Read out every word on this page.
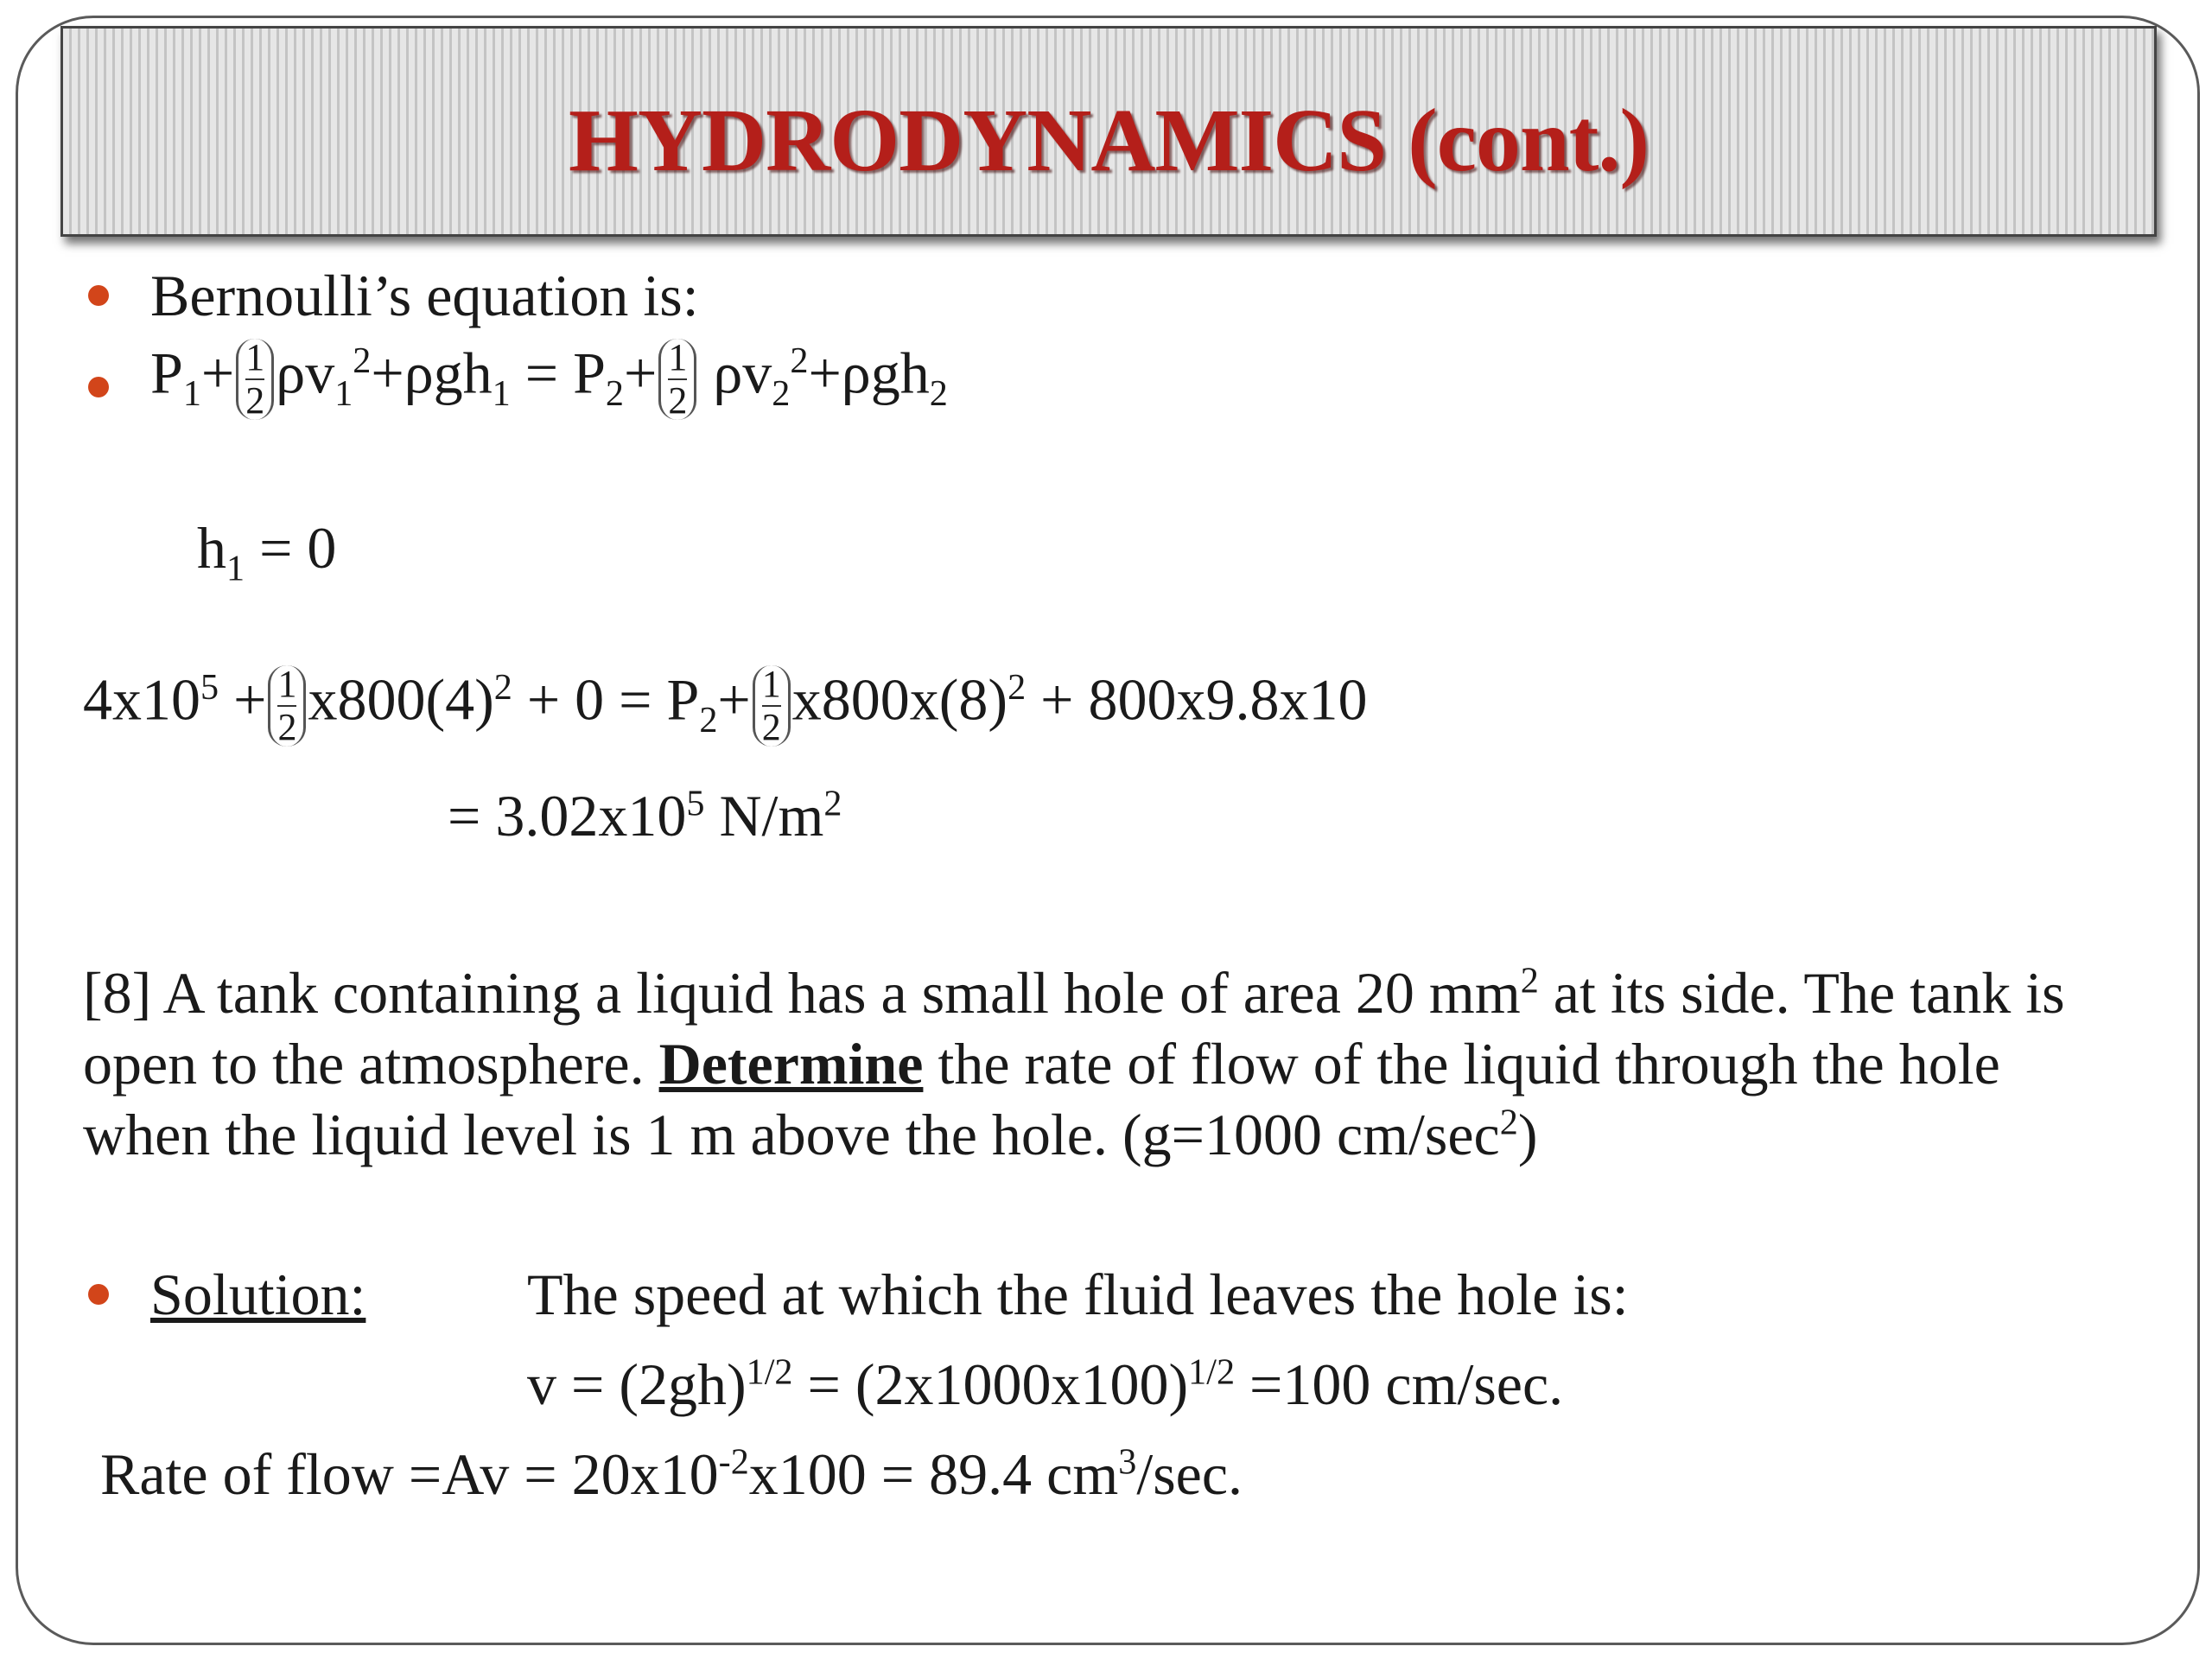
HYDRODYNAMICS (cont.)
Bernoulli’s equation is:
$P_1+ \frac{1}{2} \rho v_1^2+\rho gh_1 = P_2+ \frac{1}{2} \rho v_2^2+\rho gh_2$
$h_1 = 0$
$4x10^5 + \frac{1}{2} x800(4)^2 + 0 = P_2+ \frac{1}{2} x800x(8)^2 + 800x9.8x10$
= $3.02x10^5$ $N/m^2$
[8] A tank containing a liquid has a small hole of area 20 $mm^2$ at its side. The tank is open to the atmosphere. Determine the rate of flow of the liquid through the hole when the liquid level is 1 m above the hole. (g=1000 $cm/\sec^2$)
Solution:	The speed at which the fluid leaves the hole is:
$v = (2gh)^{1/2} = (2x1000x100)^{1/2} =100$ cm/sec.
Rate of flow $=Av = 20x10^{-2}x100 = 89.4$ $cm^3/\sec$.
